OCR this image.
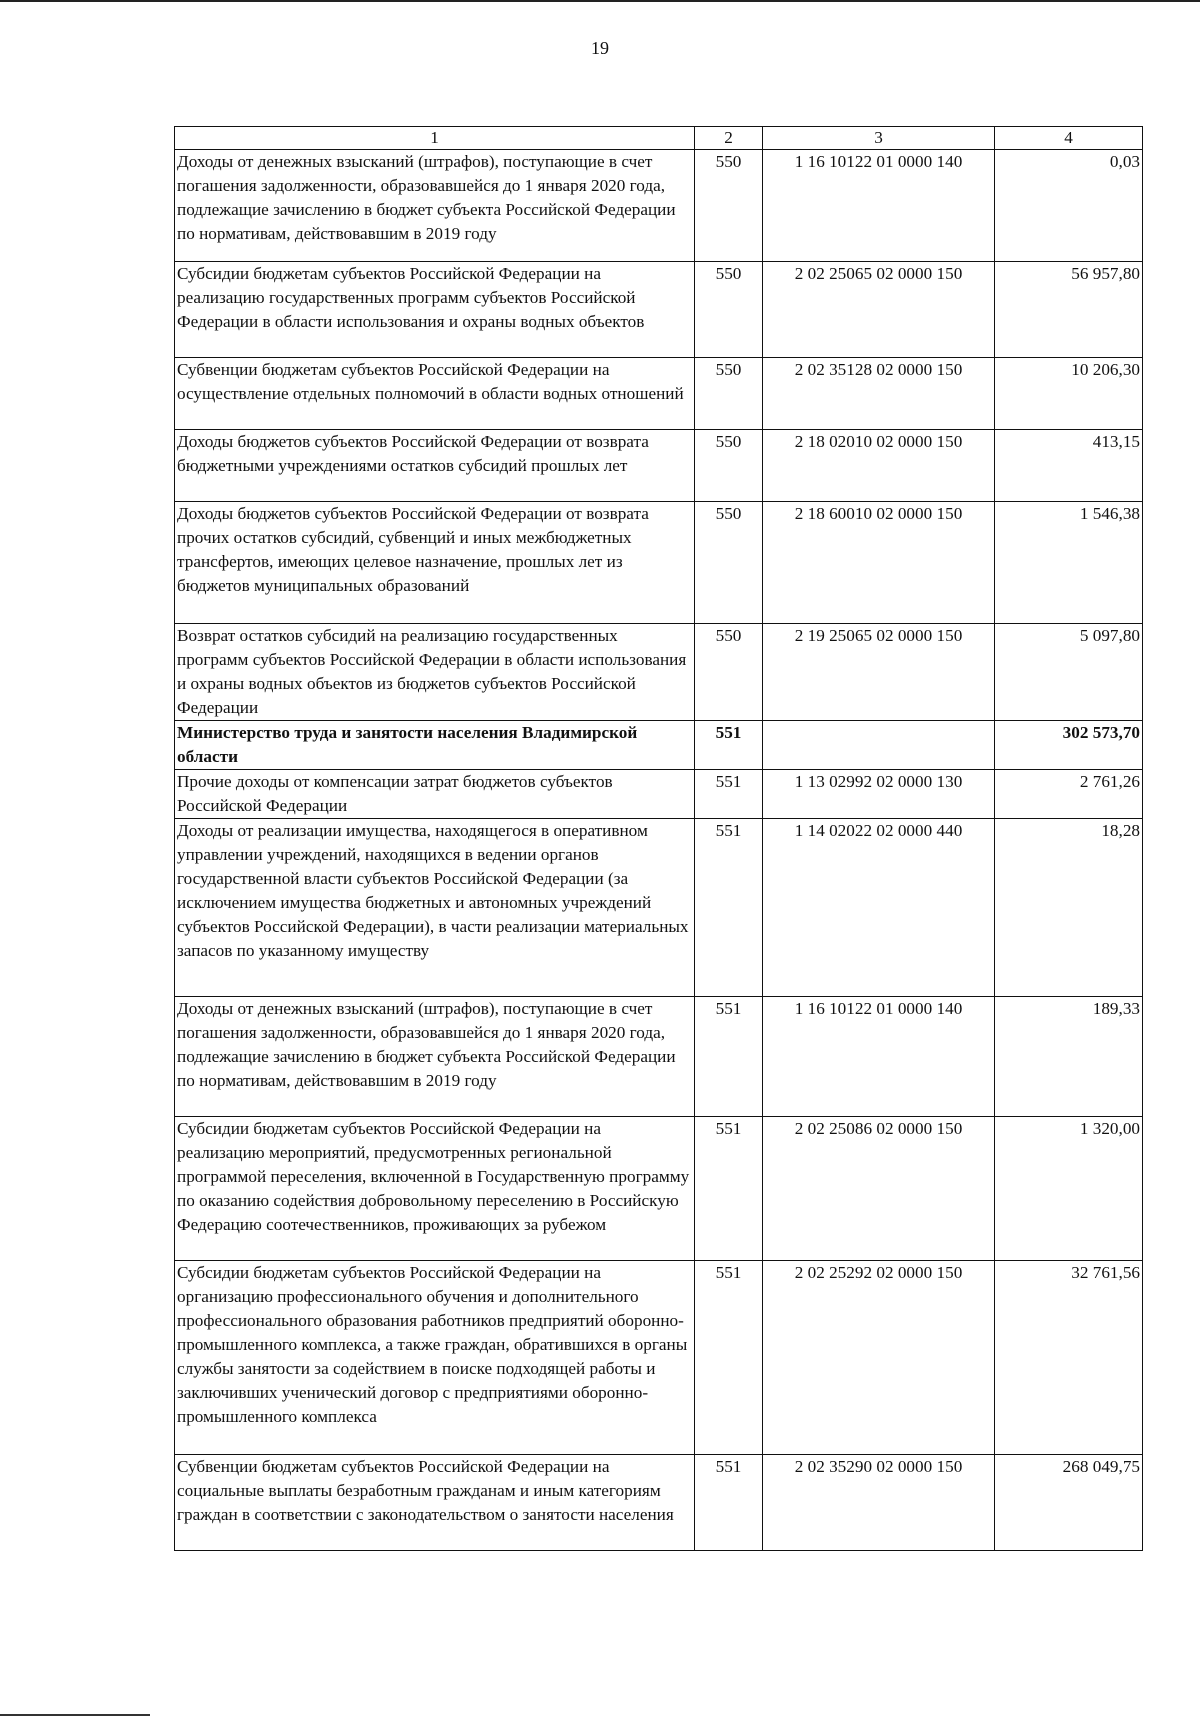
19
1	2	3	4
Доходы от денежных взысканий (штрафов), поступающие в счет погашения задолженности, образовавшейся до 1 января 2020 года, подлежащие зачислению в бюджет субъекта Российской Федерации по нормативам, действовавшим в 2019 году	550	1 16 10122 01 0000 140	0,03
Субсидии бюджетам субъектов Российской Федерации на реализацию государственных программ субъектов Российской Федерации в области использования и охраны водных объектов	550	2 02 25065 02 0000 150	56 957,80
Субвенции бюджетам субъектов Российской Федерации на осуществление отдельных полномочий в области водных отношений	550	2 02 35128 02 0000 150	10 206,30
Доходы бюджетов субъектов Российской Федерации от возврата бюджетными учреждениями остатков субсидий прошлых лет	550	2 18 02010 02 0000 150	413,15
Доходы бюджетов субъектов Российской Федерации от возврата прочих остатков субсидий, субвенций и иных межбюджетных трансфертов, имеющих целевое назначение, прошлых лет из бюджетов муниципальных образований	550	2 18 60010 02 0000 150	1 546,38
Возврат остатков субсидий на реализацию государственных программ субъектов Российской Федерации в области использования и охраны водных объектов из бюджетов субъектов Российской Федерации	550	2 19 25065 02 0000 150	5 097,80
Министерство труда и занятости населения Владимирской области	551		302 573,70
Прочие доходы от компенсации затрат бюджетов субъектов Российской Федерации	551	1 13 02992 02 0000 130	2 761,26
Доходы от реализации имущества, находящегося в оперативном управлении учреждений, находящихся в ведении органов государственной власти субъектов Российской Федерации (за исключением имущества бюджетных и автономных учреждений субъектов Российской Федерации), в части реализации материальных запасов по указанному имуществу	551	1 14 02022 02 0000 440	18,28
Доходы от денежных взысканий (штрафов), поступающие в счет погашения задолженности, образовавшейся до 1 января 2020 года, подлежащие зачислению в бюджет субъекта Российской Федерации по нормативам, действовавшим в 2019 году	551	1 16 10122 01 0000 140	189,33
Субсидии бюджетам субъектов Российской Федерации на реализацию мероприятий, предусмотренных региональной программой переселения, включенной в Государственную программу по оказанию содействия добровольному переселению в Российскую Федерацию соотечественников, проживающих за рубежом	551	2 02 25086 02 0000 150	1 320,00
Субсидии бюджетам субъектов Российской Федерации на организацию профессионального обучения и дополнительного профессионального образования работников предприятий оборонно-промышленного комплекса, а также граждан, обратившихся в органы службы занятости за содействием в поиске подходящей работы и заключивших ученический договор с предприятиями оборонно-промышленного комплекса	551	2 02 25292 02 0000 150	32 761,56
Субвенции бюджетам субъектов Российской Федерации на социальные выплаты безработным гражданам и иным категориям граждан в соответствии с законодательством о занятости населения	551	2 02 35290 02 0000 150	268 049,75
